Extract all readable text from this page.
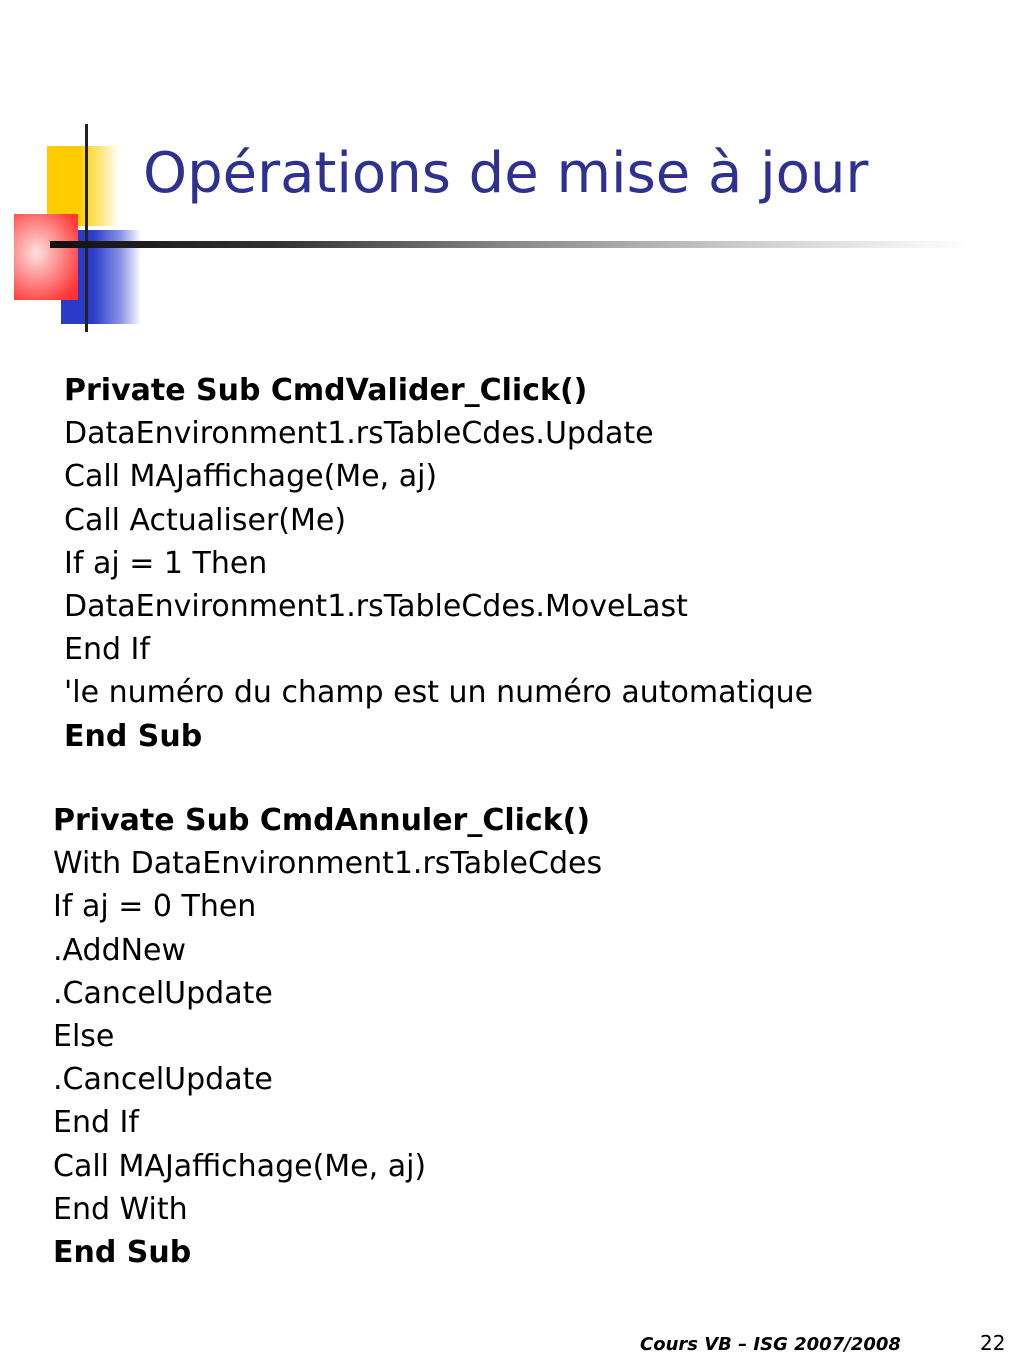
Opérations de mise à jour
Private Sub CmdValider_Click()
DataEnvironment1.rsTableCdes.Update
Call MAJaffichage(Me, aj)
Call Actualiser(Me)
If aj = 1 Then
DataEnvironment1.rsTableCdes.MoveLast
End If
'le numéro du champ est un numéro automatique
End Sub
Private Sub CmdAnnuler_Click()
With DataEnvironment1.rsTableCdes
If aj = 0 Then
.AddNew
.CancelUpdate
Else
.CancelUpdate
End If
Call MAJaffichage(Me, aj)
End With
End Sub
Cours VB – ISG 2007/2008	22
